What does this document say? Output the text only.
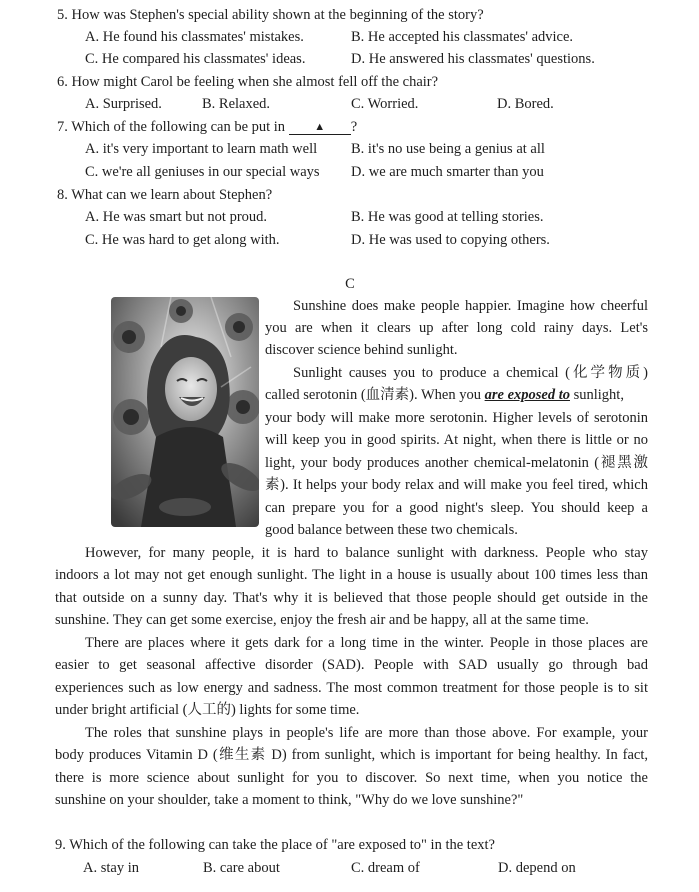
5. How was Stephen's special ability shown at the beginning of the story?
A. He found his classmates' mistakes.	B. He accepted his classmates' advice.
C. He compared his classmates' ideas.	D. He answered his classmates' questions.
6. How might Carol be feeling when she almost fell off the chair?
A. Surprised.	B. Relaxed.	C. Worried.	D. Bored.
7. Which of the following can be put in	▲ ?
A. it's very important to learn math well B. it's no use being a genius at all
C. we're all geniuses in our special ways D. we are much smarter than you
8. What can we learn about Stephen?
A. He was smart but not proud.	B. He was good at telling stories.
C. He was hard to get along with.	D. He was used to copying others.
C
Sunshine does make people happier. Imagine how cheerful
you are when it clears up after long cold rainy days. Let's
discover science behind sunlight.
Sunlight causes you to produce a chemical (化学物质)
called serotonin (血清素). When you are exposed to sunlight,
your body will make more serotonin. Higher levels of serotonin
will keep you in good spirits. At night, when there is little or no
light, your body produces another chemical-melatonin (褪黑激
素). It helps your body relax and will make you feel tired, which
can prepare you for a good night's sleep. You should keep a
good balance between these two chemicals.
However, for many people, it is hard to balance sunlight with darkness. People who stay
indoors a lot may not get enough sunlight. The light in a house is usually about 100 times less than
that outside on a sunny day. That's why it is believed that those people should get outside in the
sunshine. They can get some exercise, enjoy the fresh air and be happy, all at the same time.
There are places where it gets dark for a long time in the winter. People in those places are
easier to get seasonal affective disorder (SAD). People with SAD usually go through bad
experiences such as low energy and sadness. The most common treatment for those people is to sit
under bright artificial (人工的) lights for some time.
The roles that sunshine plays in people's life are more than those above. For example, your
body produces Vitamin D (维生素 D) from sunlight, which is important for being healthy. In fact,
there is more science about sunlight for you to discover. So next time, when you notice the
sunshine on your shoulder, take a moment to think, "Why do we love sunshine?"
9. Which of the following can take the place of "are exposed to" in the text?
A. stay in	B. care about	C. dream of	D. depend on
